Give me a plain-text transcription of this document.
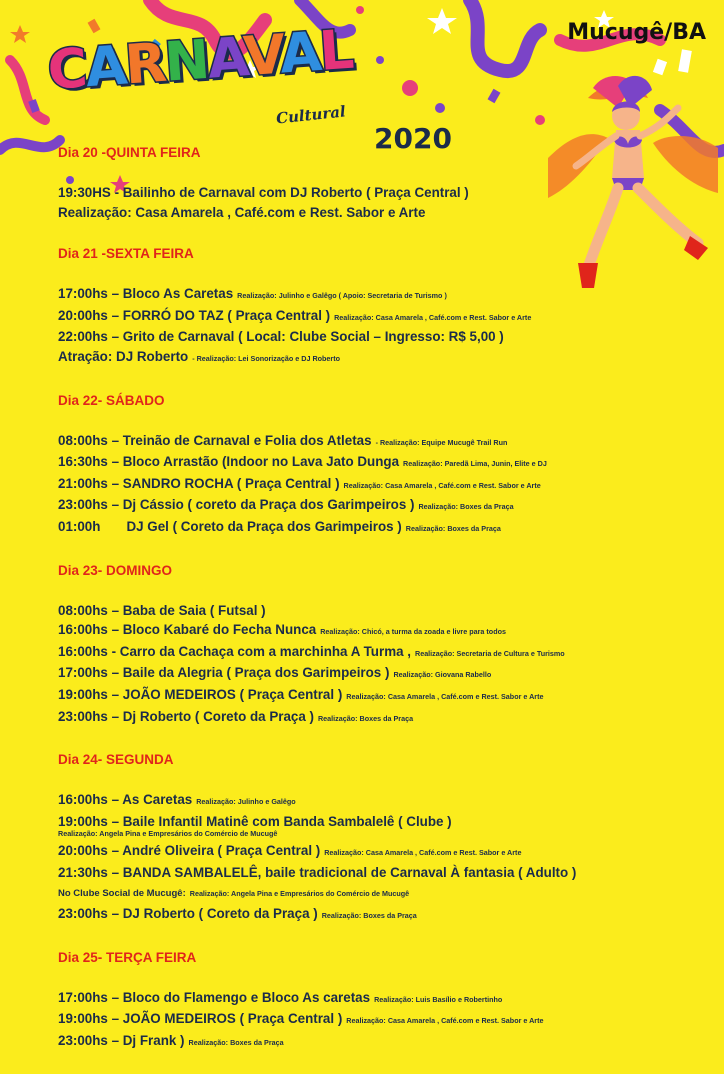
CARNAVAL
Cultural
Mucugê/BA
2020
Dia 20 -QUINTA FEIRA
19:30HS - Bailinho de Carnaval com DJ Roberto ( Praça Central )
Realização: Casa Amarela , Café.com e Rest. Sabor e Arte
Dia 21 -SEXTA FEIRA
17:00hs – Bloco As Caretas Realização: Julinho e Galêgo ( Apoio: Secretaria de Turismo )
20:00hs – FORRÓ DO TAZ ( Praça Central ) Realização: Casa Amarela , Café.com e Rest. Sabor e Arte
22:00hs – Grito de Carnaval ( Local: Clube Social – Ingresso: R$ 5,00 )
Atração: DJ Roberto - Realização: Lei Sonorização e DJ Roberto
Dia 22- SÁBADO
08:00hs – Treinão de Carnaval e Folia dos Atletas - Realização: Equipe Mucugê Trail Run
16:30hs – Bloco Arrastão (Indoor no Lava Jato Dunga Realização: Paredã Lima, Junin, Elite e DJ
21:00hs – SANDRO ROCHA ( Praça Central ) Realização: Casa Amarela , Café.com e Rest. Sabor e Arte
23:00hs – Dj Cássio ( coreto da Praça dos Garimpeiros ) Realização: Boxes da Praça
01:00h DJ Gel ( Coreto da Praça dos Garimpeiros ) Realização: Boxes da Praça
Dia 23- DOMINGO
08:00hs – Baba de Saia ( Futsal )
16:00hs – Bloco Kabaré do Fecha Nunca Realização: Chicó, a turma da zoada e livre para todos
16:00hs - Carro da Cachaça com a marchinha A Turma , Realização: Secretaria de Cultura e Turismo
17:00hs – Baile da Alegria ( Praça dos Garimpeiros ) Realização: Giovana Rabello
19:00hs – JOÃO MEDEIROS ( Praça Central ) Realização: Casa Amarela , Café.com e Rest. Sabor e Arte
23:00hs – Dj Roberto ( Coreto da Praça ) Realização: Boxes da Praça
Dia 24- SEGUNDA
16:00hs – As Caretas Realização: Julinho e Galêgo
19:00hs – Baile Infantil Matinê com Banda Sambalelê ( Clube )
Realização: Angela Pina e Empresários do Comércio de Mucugê
20:00hs – André Oliveira ( Praça Central ) Realização: Casa Amarela , Café.com e Rest. Sabor e Arte
21:30hs – BANDA SAMBALELÊ, baile tradicional de Carnaval À fantasia ( Adulto )
No Clube Social de Mucugê: Realização: Angela Pina e Empresários do Comércio de Mucugê
23:00hs – DJ Roberto ( Coreto da Praça ) Realização: Boxes da Praça
Dia 25- TERÇA FEIRA
17:00hs – Bloco do Flamengo e Bloco As caretas Realização: Luis Basílio e Robertinho
19:00hs – JOÃO MEDEIROS ( Praça Central ) Realização: Casa Amarela , Café.com e Rest. Sabor e Arte
23:00hs – Dj Frank ) Realização: Boxes da Praça
